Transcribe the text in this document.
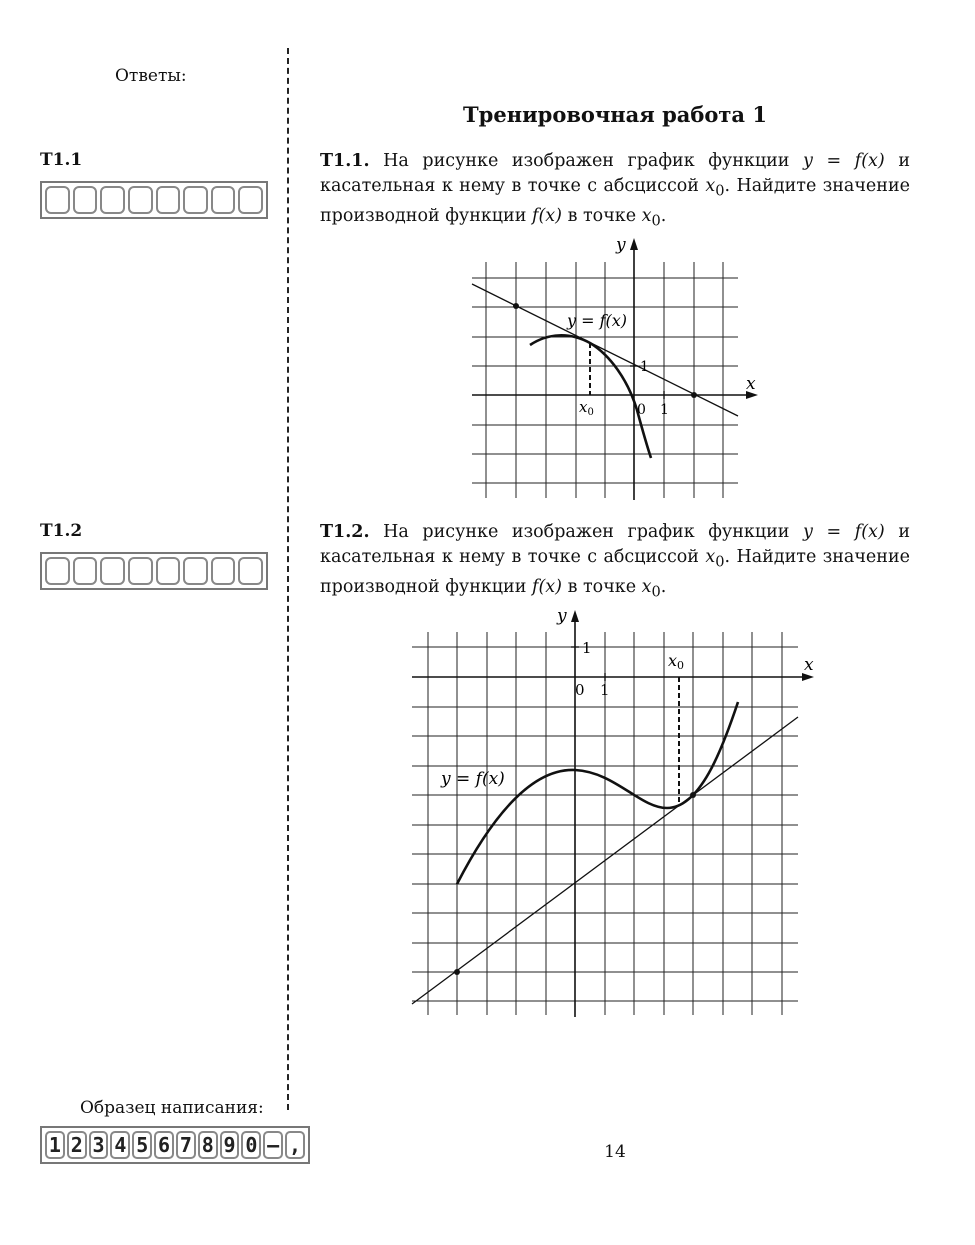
Ответы:
Тренировочная работа 1
Т1.1	Т1.1. На рисунке изображен график функции y = f(x) и касательная к нему в точке с абсциссой $x_0$. Найдите значение производной функции f(x) в точке $x_0$.
y
x
y = f(x)
0 1
1
$x_0$
Т1.2	Т1.2. На рисунке изображен график функции y = f(x) и касательная к нему в точке с абсциссой $x_0$. Найдите значение производной функции f(x) в точке $x_0$.
y
x
y = f(x)
0 1
1
x0
Образец написания:
1 2 3 4 5 6 7 8 9 0 – ,	14
